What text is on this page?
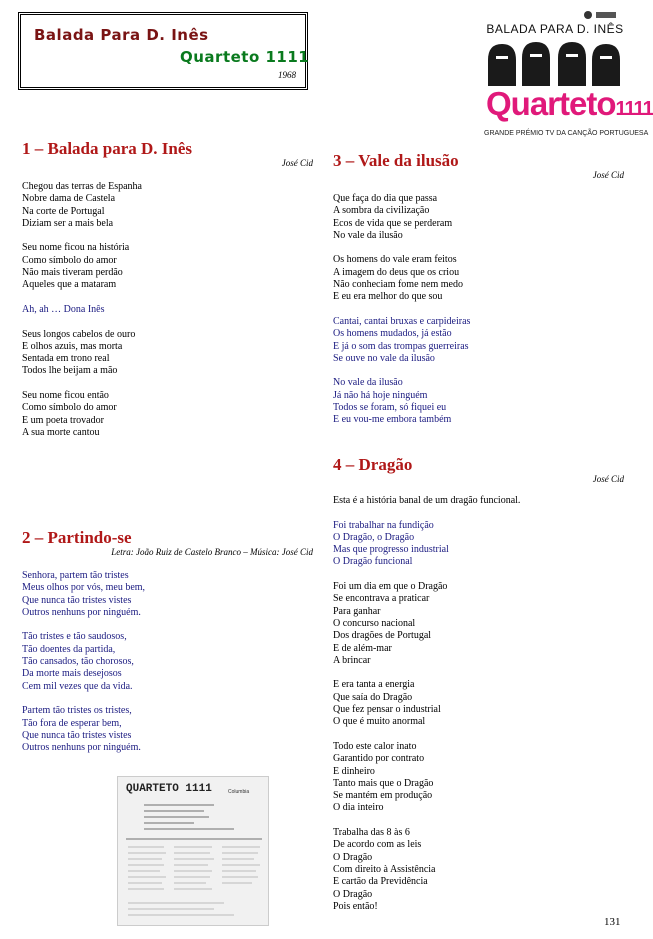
Balada Para D. Inês
Quarteto 1111
1968
BALADA PARA D. INÊS
Quarteto1111
GRANDE PRÉMIO TV DA CANÇÃO PORTUGUESA
1 – Balada para D. Inês
José Cid
Chegou das terras de Espanha
Nobre dama de Castela
Na corte de Portugal
Diziam ser a mais bela
Seu nome ficou na história
Como símbolo do amor
Não mais tiveram perdão
Aqueles que a mataram
Ah, ah … Dona Inês
Seus longos cabelos de ouro
E olhos azuis, mas morta
Sentada em trono real
Todos lhe beijam a mão
Seu nome ficou então
Como símbolo do amor
E um poeta trovador
A sua morte cantou
2 – Partindo-se
Letra: João Ruiz de Castelo Branco – Música: José Cid
Senhora, partem tão tristes
Meus olhos por vós, meu bem,
Que nunca tão tristes vistes
Outros nenhuns por ninguém.
Tão tristes e tão saudosos,
Tão doentes da partida,
Tão cansados, tão chorosos,
Da morte mais desejosos
Cem mil vezes que da vida.
Partem tão tristes os tristes,
Tão fora de esperar bem,
Que nunca tão tristes vistes
Outros nenhuns por ninguém.
QUARTETO 1111	Columbia
3 – Vale da ilusão
José Cid
Que faça do dia que passa
A sombra da civilização
Ecos de vida que se perderam
No vale da ilusão
Os homens do vale eram feitos
A imagem do deus que os criou
Não conheciam fome nem medo
E eu era melhor do que sou
Cantai, cantai bruxas e carpideiras
Os homens mudados, já estão
E já o som das trompas guerreiras
Se ouve no vale da ilusão
No vale da ilusão
Já não há hoje ninguém
Todos se foram, só fiquei eu
E eu vou-me embora também
4 – Dragão
José Cid
Esta é a história banal de um dragão funcional.
Foi trabalhar na fundição
O Dragão, o Dragão
Mas que progresso industrial
O Dragão funcional
Foi um dia em que o Dragão
Se encontrava a praticar
Para ganhar
O concurso nacional
Dos dragões de Portugal
E de além-mar
A brincar
E era tanta a energia
Que saía do Dragão
Que fez pensar o industrial
O que é muito anormal
Todo este calor inato
Garantido por contrato
E dinheiro
Tanto mais que o Dragão
Se mantém em produção
O dia inteiro
Trabalha das 8 às 6
De acordo com as leis
O Dragão
Com direito à Assistência
E cartão da Previdência
O Dragão
Pois então!
131
